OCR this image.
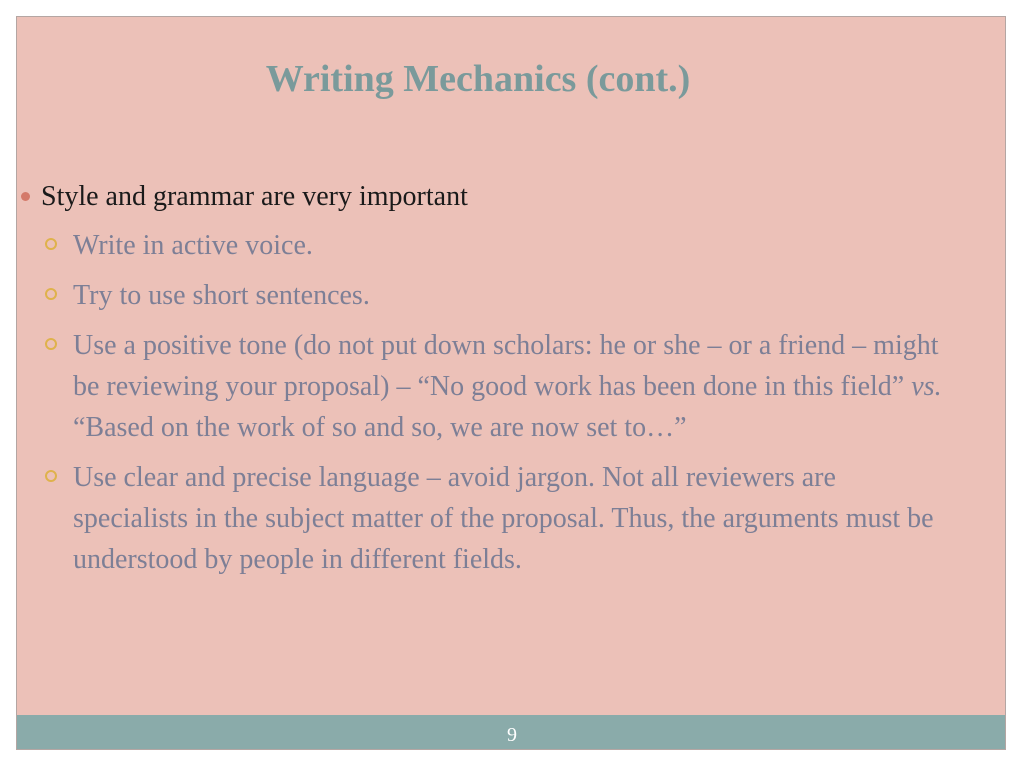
Writing Mechanics (cont.)
Style and grammar are very important
Write in active voice.
Try to use short sentences.
Use a positive tone (do not put down scholars: he or she – or a friend – might be reviewing your proposal) – “No good work has been done in this field” vs. “Based on the work of so and so, we are now set to…”
Use clear and precise language – avoid jargon. Not all reviewers are specialists in the subject matter of the proposal. Thus, the arguments must be understood by people in different fields.
9
